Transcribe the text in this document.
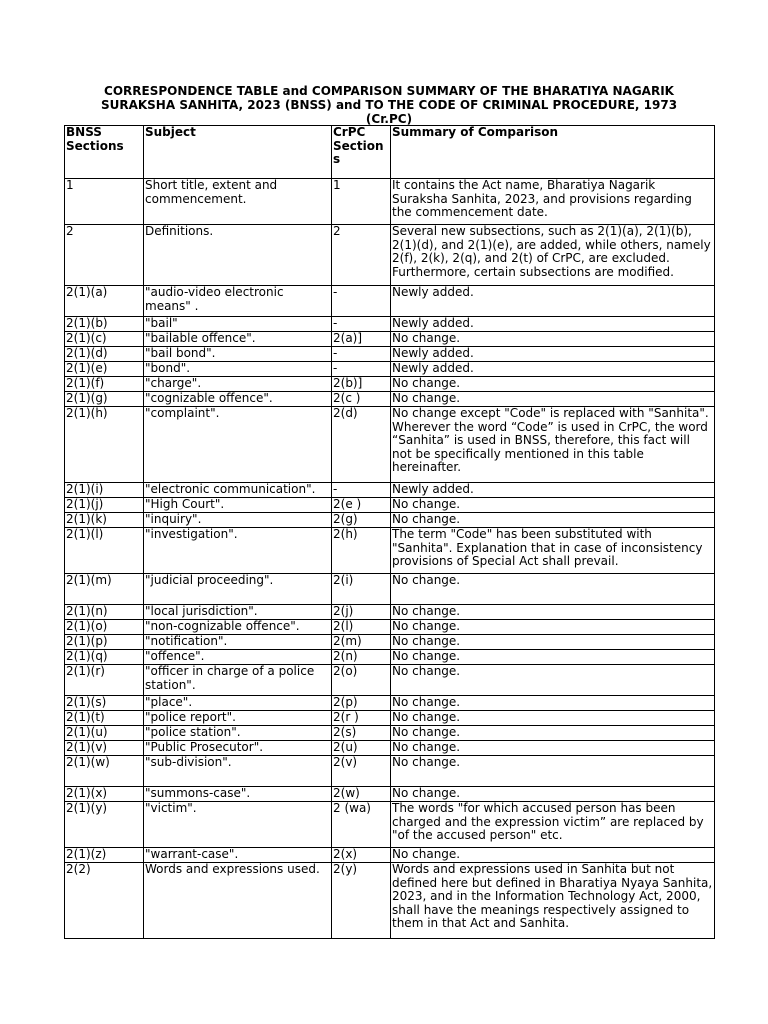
CORRESPONDENCE TABLE and COMPARISON SUMMARY OF THE BHARATIYA NAGARIK
SURAKSHA SANHITA, 2023 (BNSS) and TO THE CODE OF CRIMINAL PROCEDURE, 1973
(Cr.PC)
BNSS Sections	Subject	CrPC Sections	Summary of Comparison
1	Short title, extent and commencement.	1	It contains the Act name, Bharatiya Nagarik Suraksha Sanhita, 2023, and provisions regarding the commencement date.
2	Definitions.	2	Several new subsections, such as 2(1)(a), 2(1)(b), 2(1)(d), and 2(1)(e), are added, while others, namely 2(f), 2(k), 2(q), and 2(t) of CrPC, are excluded. Furthermore, certain subsections are modified.
2(1)(a)	"audio-video electronic means" .	-	Newly added.
2(1)(b)	"bail"	-	Newly added.
2(1)(c)	"bailable offence".	2(a)]	No change.
2(1)(d)	"bail bond".	-	Newly added.
2(1)(e)	"bond".	-	Newly added.
2(1)(f)	"charge".	2(b)]	No change.
2(1)(g)	"cognizable offence".	2(c )	No change.
2(1)(h)	"complaint".	2(d)	No change except "Code" is replaced with "Sanhita". Wherever the word “Code” is used in CrPC, the word “Sanhita” is used in BNSS, therefore, this fact will not be specifically mentioned in this table hereinafter.
2(1)(i)	"electronic communication".	-	Newly added.
2(1)(j)	"High Court".	2(e )	No change.
2(1)(k)	"inquiry".	2(g)	No change.
2(1)(l)	"investigation".	2(h)	The term "Code" has been substituted with "Sanhita". Explanation that in case of inconsistency provisions of Special Act shall prevail.
2(1)(m)	"judicial proceeding".	2(i)	No change.
2(1)(n)	"local jurisdiction".	2(j)	No change.
2(1)(o)	"non-cognizable offence".	2(l)	No change.
2(1)(p)	"notification".	2(m)	No change.
2(1)(q)	"offence".	2(n)	No change.
2(1)(r)	"officer in charge of a police station".	2(o)	No change.
2(1)(s)	"place".	2(p)	No change.
2(1)(t)	"police report".	2(r )	No change.
2(1)(u)	"police station".	2(s)	No change.
2(1)(v)	"Public Prosecutor".	2(u)	No change.
2(1)(w)	"sub-division".	2(v)	No change.
2(1)(x)	"summons-case".	2(w)	No change.
2(1)(y)	"victim".	2 (wa)	The words "for which accused person has been charged and the expression victim” are replaced by "of the accused person" etc.
2(1)(z)	"warrant-case".	2(x)	No change.
2(2)	Words and expressions used.	2(y)	Words and expressions used in Sanhita but not defined here but defined in Bharatiya Nyaya Sanhita, 2023, and in the Information Technology Act, 2000, shall have the meanings respectively assigned to them in that Act and Sanhita.
